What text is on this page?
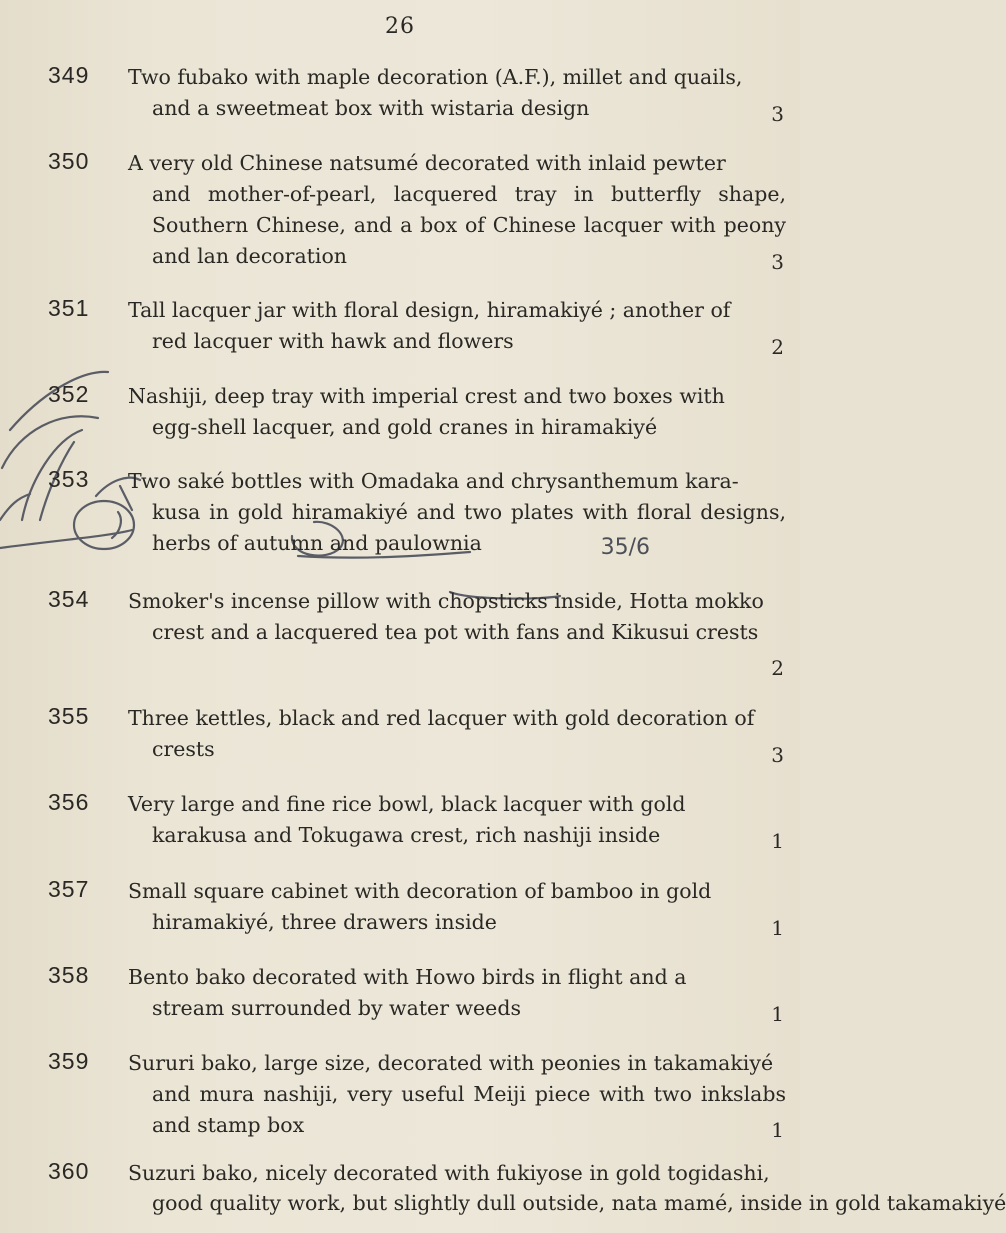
26
349	Two fubako with maple decoration (A.F.), millet and quails,
and a sweetmeat box with wistaria design	3
350	A very old Chinese natsumé decorated with inlaid pewter
and mother-of-pearl, lacquered tray in butterfly shape, Southern Chinese, and a box of Chinese lacquer with peony and lan decoration	3
351	Tall lacquer jar with floral design, hiramakiyé ; another of
red lacquer with hawk and flowers	2
352	Nashiji, deep tray with imperial crest and two boxes with
egg-shell lacquer, and gold cranes in hiramakiyé
353	Two saké bottles with Omadaka and chrysanthemum kara-
kusa in gold hiramakiyé and two plates with floral designs, herbs of autumn and paulownia	35/6
354	Smoker's incense pillow with chopsticks inside, Hotta mokko
crest and a lacquered tea pot with fans and Kikusui crests
2
355	Three kettles, black and red lacquer with gold decoration of
crests	3
356	Very large and fine rice bowl, black lacquer with gold
karakusa and Tokugawa crest, rich nashiji inside	1
357	Small square cabinet with decoration of bamboo in gold
hiramakiyé, three drawers inside	1
358	Bento bako decorated with Howo birds in flight and a
stream surrounded by water weeds	1
359	Sururi bako, large size, decorated with peonies in takamakiyé
and mura nashiji, very useful Meiji piece with two inkslabs and stamp box	1
360	Suzuri bako, nicely decorated with fukiyose in gold togidashi,
good quality work, but slightly dull outside, nata mamé, inside in gold takamakiyé
